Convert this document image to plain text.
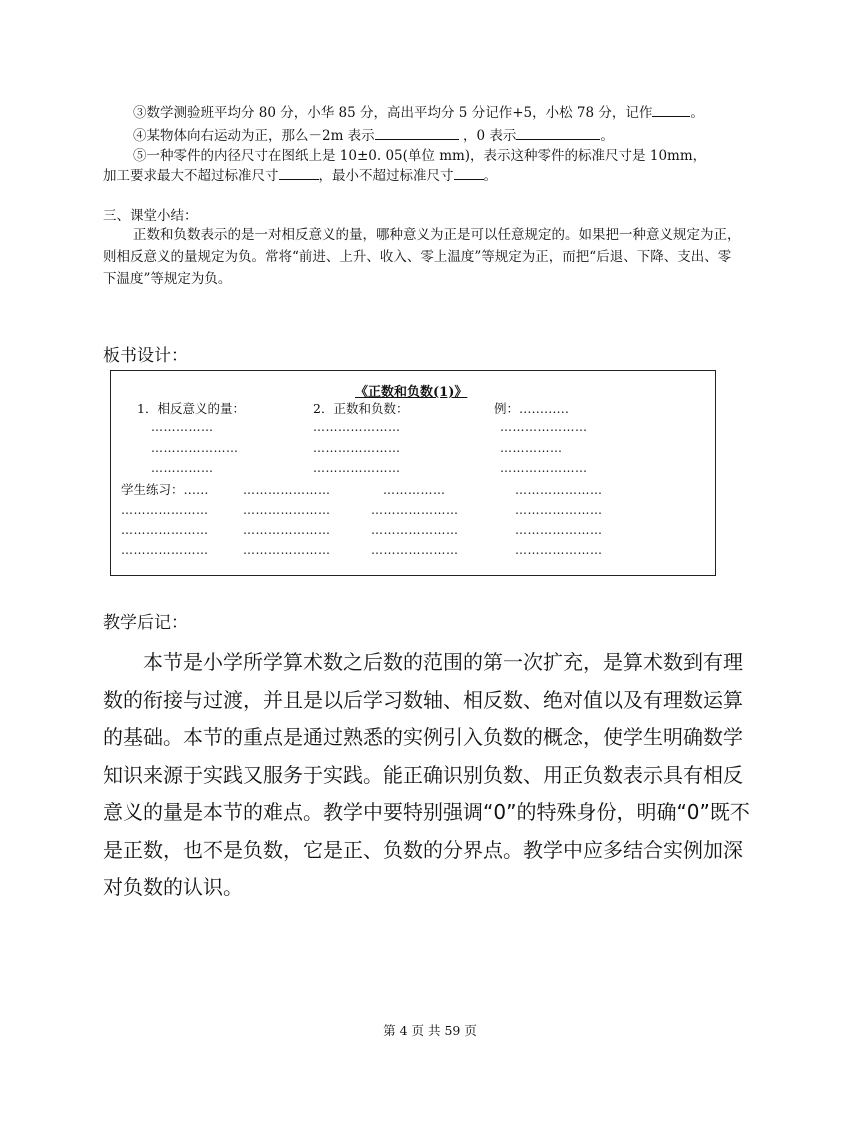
③数学测验班平均分 80 分，小华 85 分，高出平均分 5 分记作+5，小松 78 分，记作	。
④某物体向右运动为正，那么－2m 表示	，0 表示	。
⑤一种零件的内径尺寸在图纸上是 10±0. 05(单位 mm)，表示这种零件的标准尺寸是 10mm，
加工要求最大不超过标准尺寸	，最小不超过标准尺寸 。
三、课堂小结：
正数和负数表示的是一对相反意义的量，哪种意义为正是可以任意规定的。如果把一种意义规定为正，则相反意义的量规定为负。常将“前进、上升、收入、零上温度”等规定为正，而把“后退、下降、支出、零下温度”等规定为负。
板书设计：
《正数和负数(1)》
1．相反意义的量：	2．正数和负数：	例：…………
……………	…………………	…………………
…………………	…………………	……………
……………	…………………	…………………
学生练习：……	…………………	……………	…………………
…………………	…………………	…………………	…………………
…………………	…………………	…………………	…………………
…………………	…………………	…………………	…………………
教学后记：
本节是小学所学算术数之后数的范围的第一次扩充，是算术数到有理数的衔接与过渡，并且是以后学习数轴、相反数、绝对值以及有理数运算的基础。本节的重点是通过熟悉的实例引入负数的概念，使学生明确数学知识来源于实践又服务于实践。能正确识别负数、用正负数表示具有相反意义的量是本节的难点。教学中要特别强调“0”的特殊身份，明确“0”既不是正数，也不是负数，它是正、负数的分界点。教学中应多结合实例加深对负数的认识。
第 4 页 共 59 页
